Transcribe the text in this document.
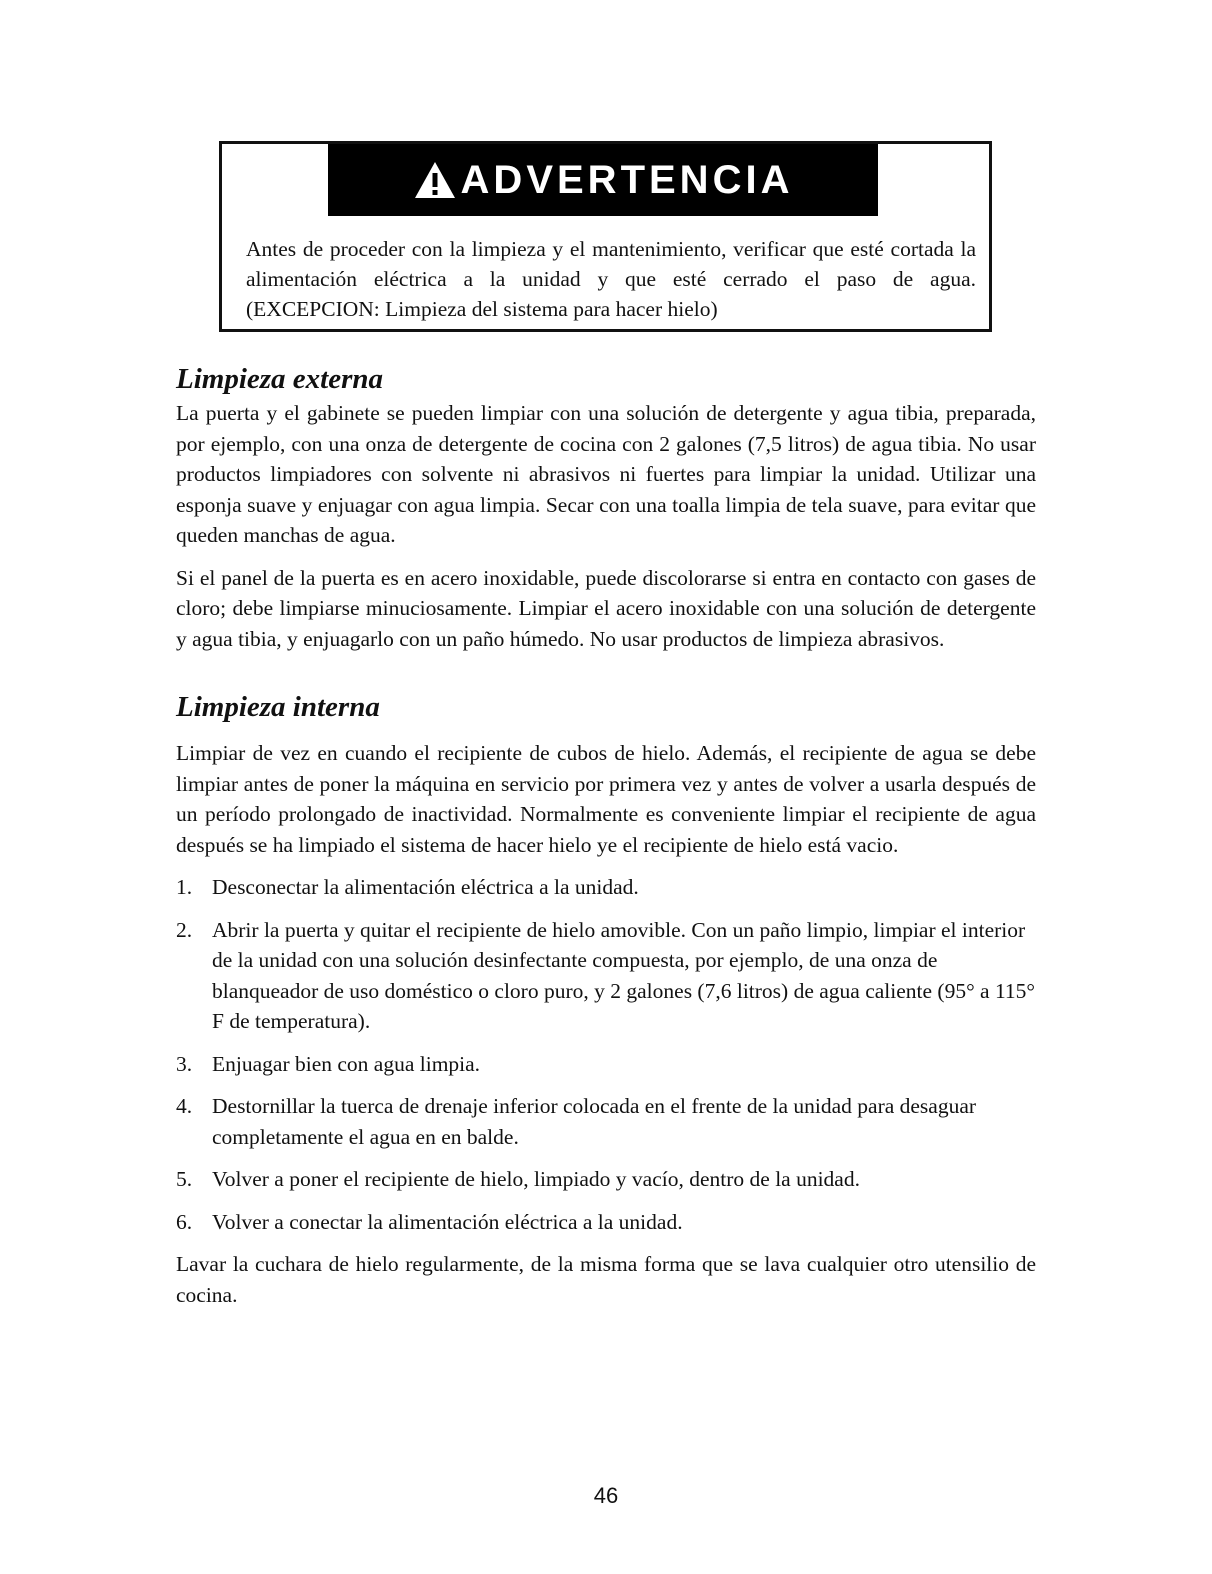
ADVERTENCIA
Antes de proceder con la limpieza y el mantenimiento, verificar que esté cortada la alimentación eléctrica a la unidad y que esté cerrado el paso de agua. (EXCEPCION: Limpieza del sistema para hacer hielo)
Limpieza externa

La puerta y el gabinete se pueden limpiar con una solución de detergente y agua tibia, preparada, por ejemplo, con una onza de detergente de cocina con 2 galones (7,5 litros) de agua tibia. No usar productos limpiadores con solvente ni abrasivos ni fuertes para limpiar la unidad. Utilizar una esponja suave y enjuagar con agua limpia. Secar con una toalla limpia de tela suave, para evitar que queden manchas de agua.

Si el panel de la puerta es en acero inoxidable, puede discolorarse si entra en contacto con gases de cloro; debe limpiarse minuciosamente. Limpiar el acero inoxidable con una solución de detergente y agua tibia, y enjuagarlo con un paño húmedo. No usar productos de limpieza abrasivos.

Limpieza interna

Limpiar de vez en cuando el recipiente de cubos de hielo. Además, el recipiente de agua se debe limpiar antes de poner la máquina en servicio por primera vez y antes de volver a usarla después de un período prolongado de inactividad. Normalmente es conveniente limpiar el recipiente de agua después se ha limpiado el sistema de hacer hielo ye el recipiente de hielo está vacio.

1. Desconectar la alimentación eléctrica a la unidad.
2. Abrir la puerta y quitar el recipiente de hielo amovible. Con un paño limpio, limpiar el interior de la unidad con una solución desinfectante compuesta, por ejemplo, de una onza de blanqueador de uso doméstico o cloro puro, y 2 galones (7,6 litros) de agua caliente (95° a 115° F de temperatura).
3. Enjuagar bien con agua limpia.
4. Destornillar la tuerca de drenaje inferior colocada en el frente de la unidad para desaguar completamente el agua en en balde.
5. Volver a poner el recipiente de hielo, limpiado y vacío, dentro de la unidad.
6. Volver a conectar la alimentación eléctrica a la unidad.

Lavar la cuchara de hielo regularmente, de la misma forma que se lava cualquier otro utensilio de cocina.

46
